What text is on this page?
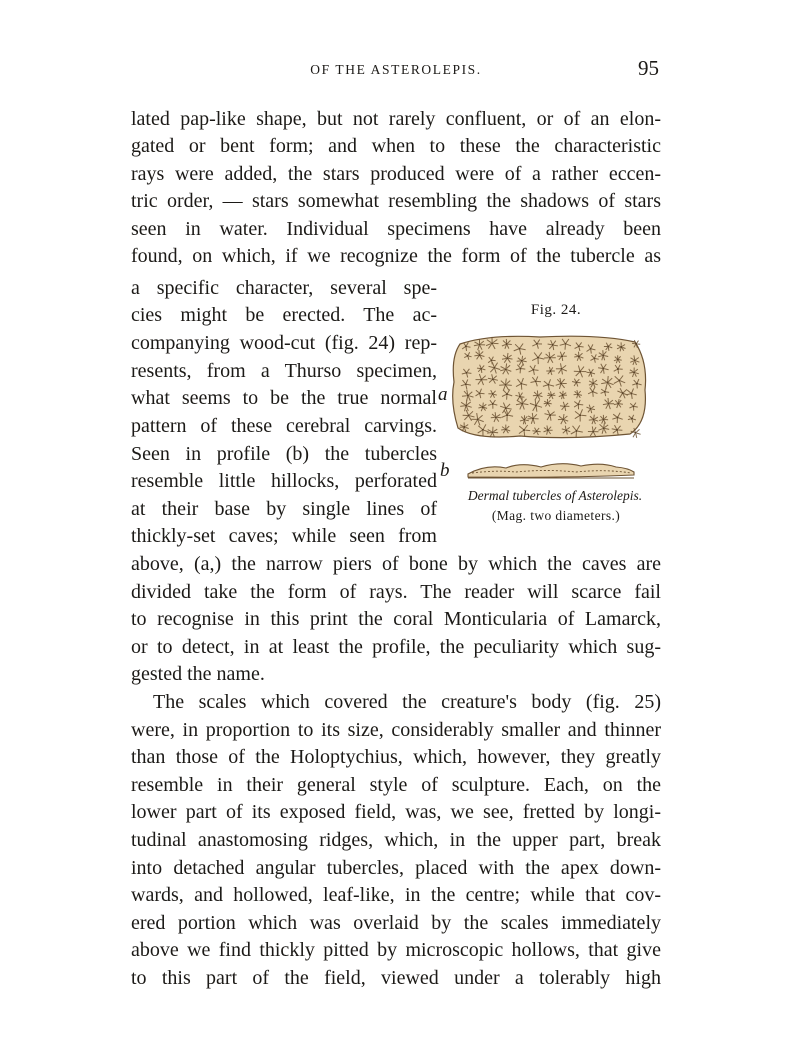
OF THE ASTEROLEPIS.	95
lated pap-like shape, but not rarely confluent, or of an elon-
gated or bent form; and when to these the characteristic
rays were added, the stars produced were of a rather eccen-
tric order, — stars somewhat resembling the shadows of stars
seen in water. Individual specimens have already been
found, on which, if we recognize the form of the tubercle as
a specific character, several spe-
cies might be erected. The ac-
companying wood-cut (fig. 24) rep-
resents, from a Thurso specimen,
what seems to be the true normal
pattern of these cerebral carvings.
Seen in profile (b) the tubercles
resemble little hillocks, perforated
at their base by single lines of
thickly-set caves; while seen from
above, (a,) the narrow piers of bone by which the caves are
divided take the form of rays. The reader will scarce fail
to recognise in this print the coral Monticularia of Lamarck,
or to detect, in at least the profile, the peculiarity which sug-
gested the name.
The scales which covered the creature's body (fig. 25)
were, in proportion to its size, considerably smaller and thinner
than those of the Holoptychius, which, however, they greatly
resemble in their general style of sculpture. Each, on the
lower part of its exposed field, was, we see, fretted by longi-
tudinal anastomosing ridges, which, in the upper part, break
into detached angular tubercles, placed with the apex down-
wards, and hollowed, leaf-like, in the centre; while that cov-
ered portion which was overlaid by the scales immediately
above we find thickly pitted by microscopic hollows, that give
to this part of the field, viewed under a tolerably high
Fig. 24.
a
b
Dermal tubercles of Asterolepis.
(Mag. two diameters.)
